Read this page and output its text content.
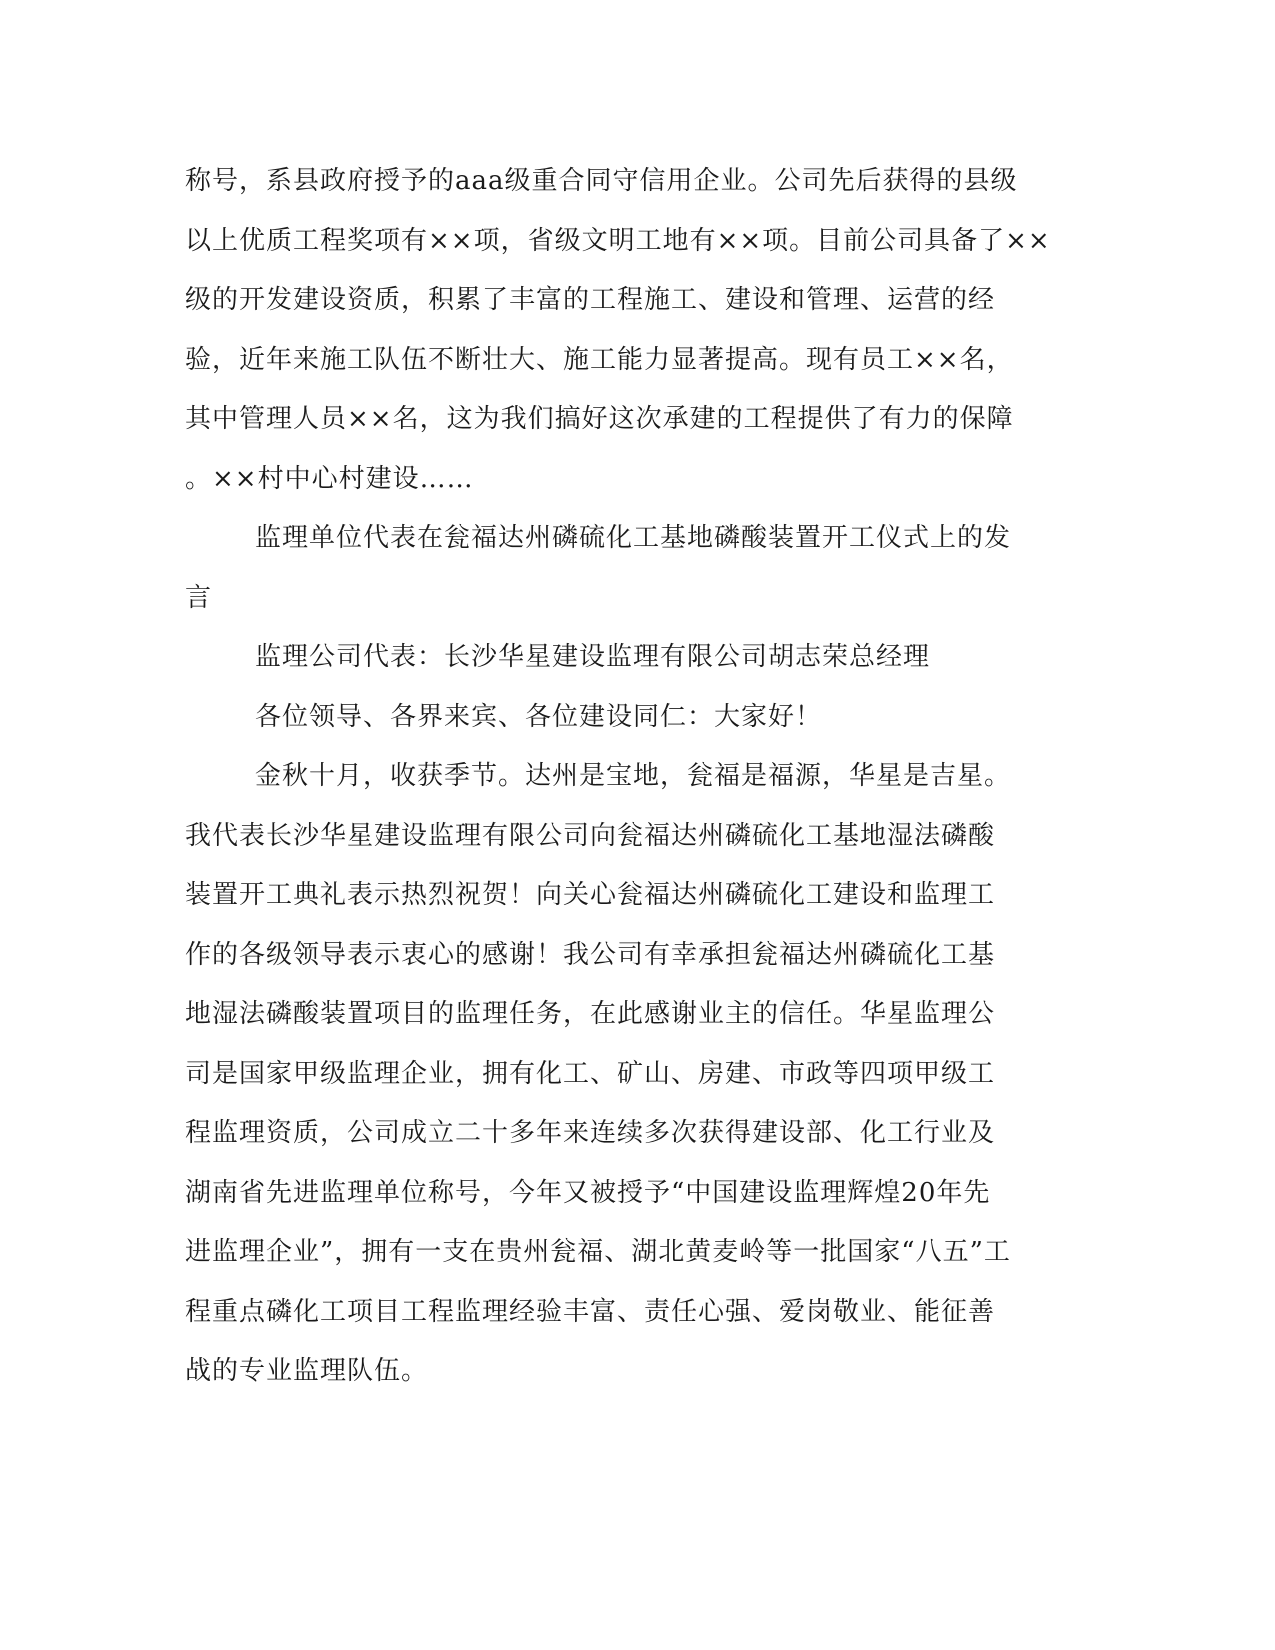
称号，系县政府授予的aaa级重合同守信用企业。公司先后获得的县级
以上优质工程奖项有××项，省级文明工地有××项。目前公司具备了××
级的开发建设资质，积累了丰富的工程施工、建设和管理、运营的经
验，近年来施工队伍不断壮大、施工能力显著提高。现有员工××名，
其中管理人员××名，这为我们搞好这次承建的工程提供了有力的保障
。××村中心村建设……
监理单位代表在瓮福达州磷硫化工基地磷酸装置开工仪式上的发
言
监理公司代表：长沙华星建设监理有限公司胡志荣总经理
各位领导、各界来宾、各位建设同仁：大家好！
金秋十月，收获季节。达州是宝地，瓮福是福源，华星是吉星。
我代表长沙华星建设监理有限公司向瓮福达州磷硫化工基地湿法磷酸
装置开工典礼表示热烈祝贺！向关心瓮福达州磷硫化工建设和监理工
作的各级领导表示衷心的感谢！我公司有幸承担瓮福达州磷硫化工基
地湿法磷酸装置项目的监理任务，在此感谢业主的信任。华星监理公
司是国家甲级监理企业，拥有化工、矿山、房建、市政等四项甲级工
程监理资质，公司成立二十多年来连续多次获得建设部、化工行业及
湖南省先进监理单位称号，今年又被授予“中国建设监理辉煌20年先
进监理企业”，拥有一支在贵州瓮福、湖北黄麦岭等一批国家“八五”工
程重点磷化工项目工程监理经验丰富、责任心强、爱岗敬业、能征善
战的专业监理队伍。
